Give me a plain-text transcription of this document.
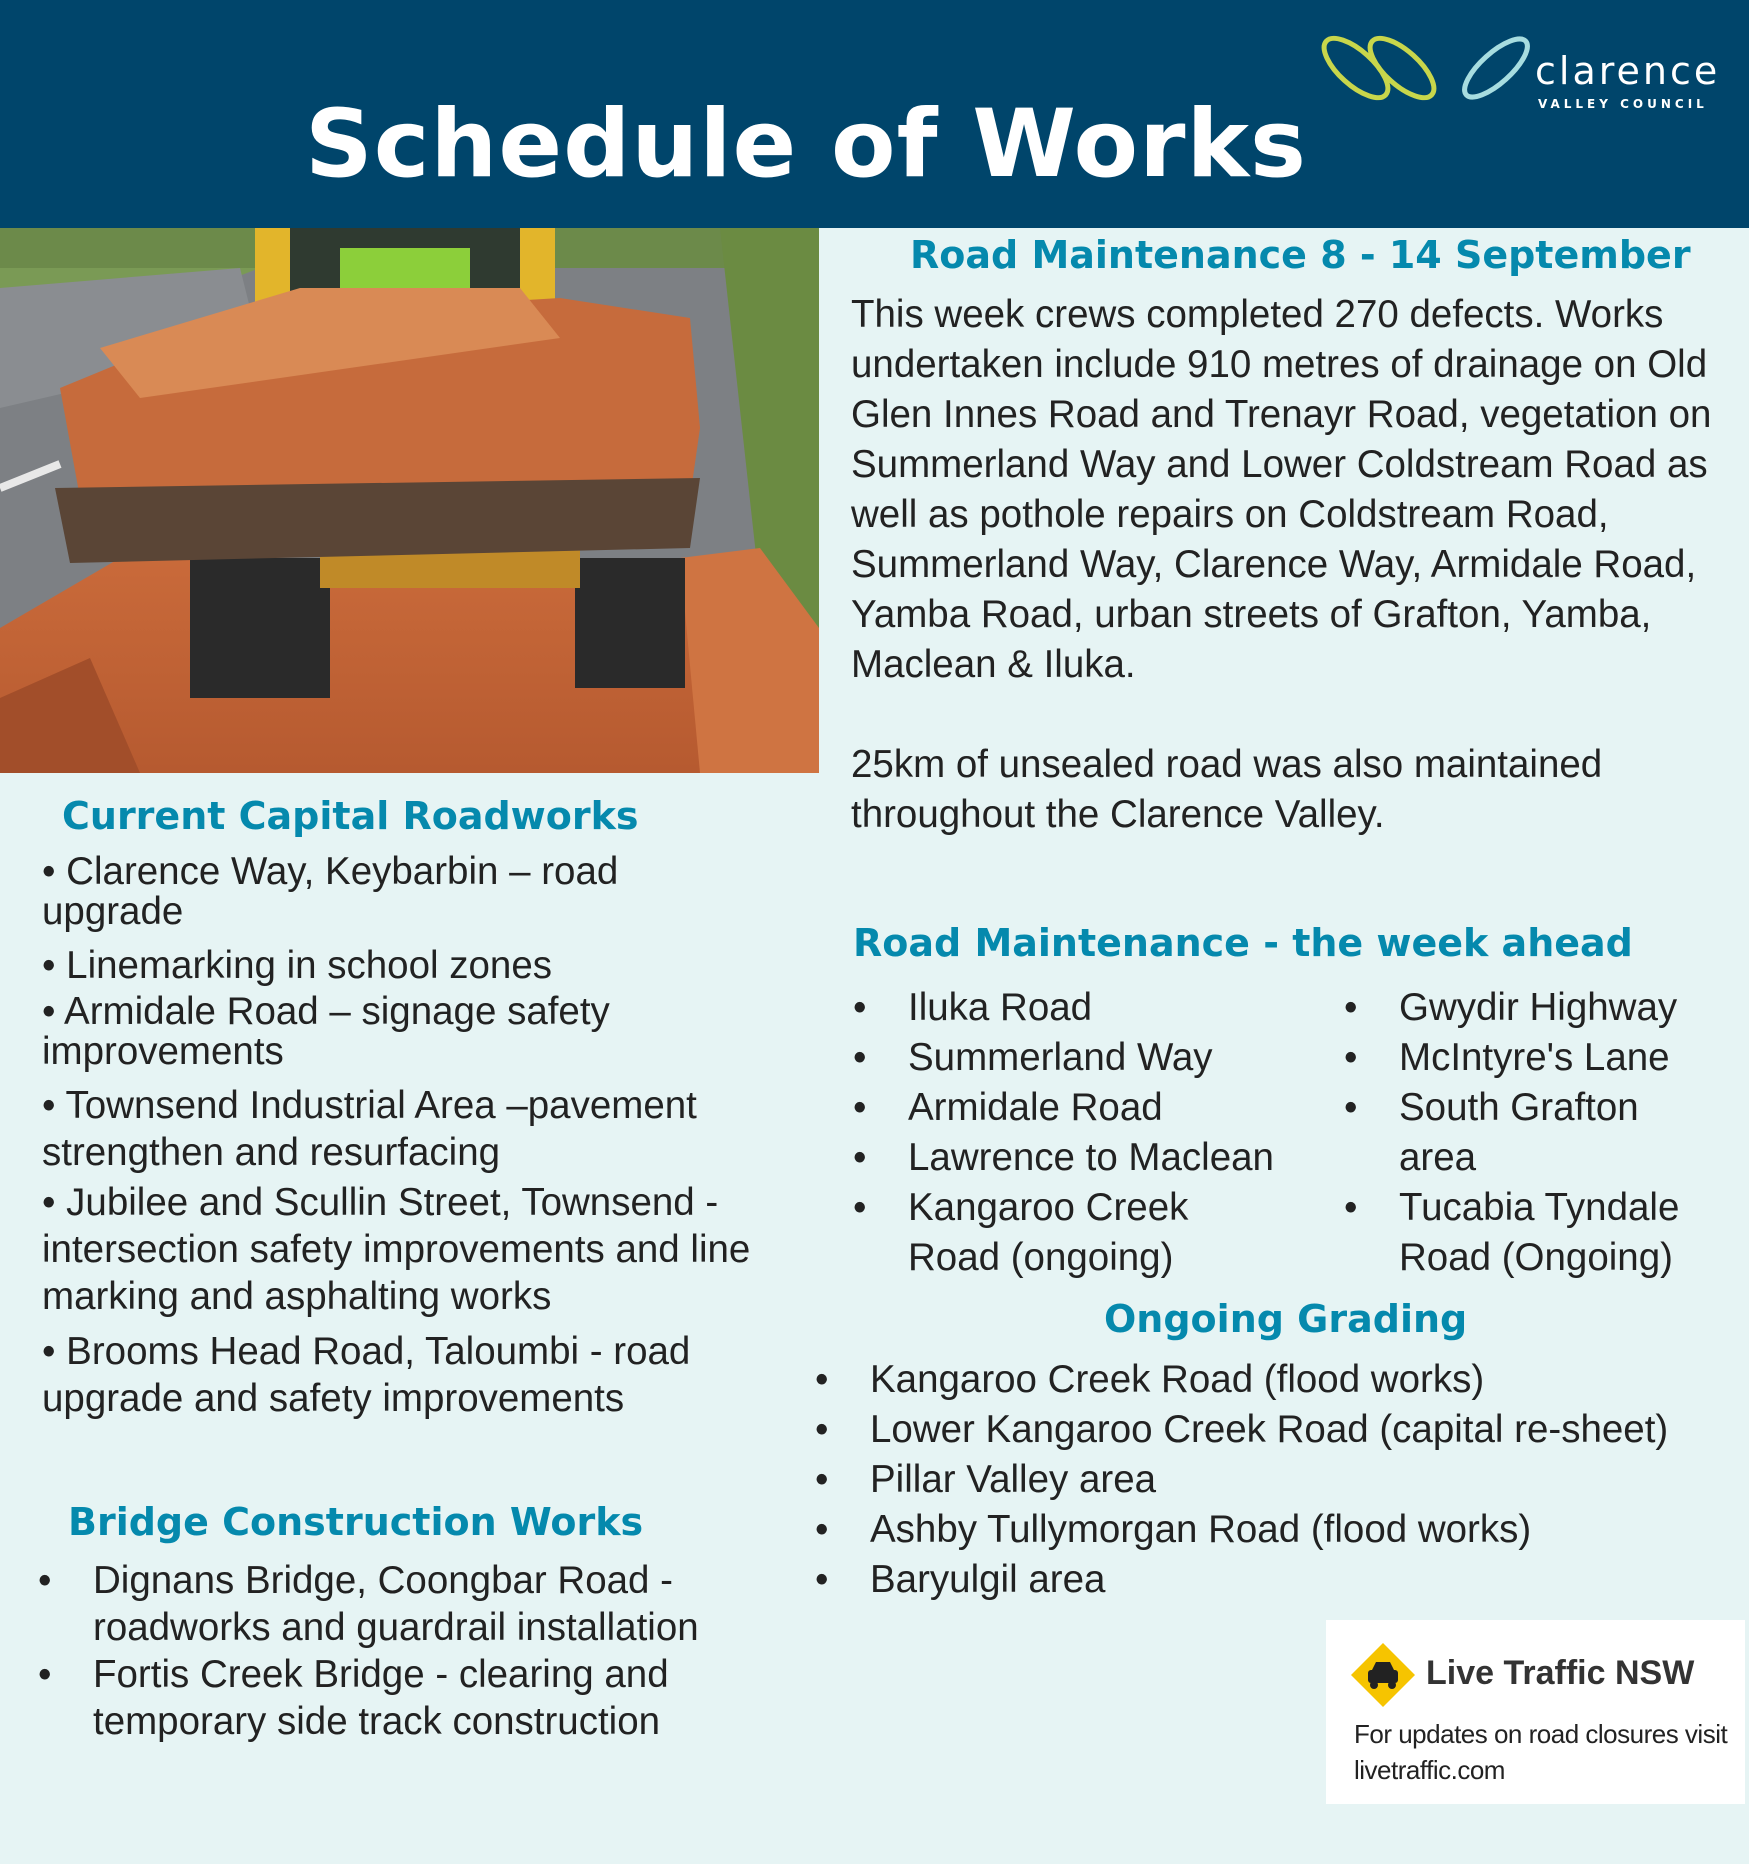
Schedule of Works
clarence
VALLEY COUNCIL
Road Maintenance 8 - 14 September

This week crews completed 270 defects. Works undertaken include 910 metres of drainage on Old Glen Innes Road and Trenayr Road, vegetation on Summerland Way and Lower Coldstream Road as well as pothole repairs on Coldstream Road, Summerland Way, Clarence Way, Armidale Road, Yamba Road, urban streets of Grafton, Yamba, Maclean & Iluka.

25km of unsealed road was also maintained throughout the Clarence Valley.

Road Maintenance - the week ahead
• Iluka Road
• Summerland Way
• Armidale Road
• Lawrence to Maclean
• Kangaroo Creek Road (ongoing)
• Gwydir Highway
• McIntyre's Lane
• South Grafton area
• Tucabia Tyndale Road (Ongoing)
Ongoing Grading
• Kangaroo Creek Road (flood works)
• Lower Kangaroo Creek Road (capital re-sheet)
• Pillar Valley area
• Ashby Tullymorgan Road (flood works)
• Baryulgil area
Current Capital Roadworks
• Clarence Way, Keybarbin – road upgrade
• Linemarking in school zones
• Armidale Road – signage safety improvements
• Townsend Industrial Area –pavement strengthen and resurfacing
• Jubilee and Scullin Street, Townsend - intersection safety improvements and line marking and asphalting works
• Brooms Head Road, Taloumbi - road upgrade and safety improvements
Bridge Construction Works
• Dignans Bridge, Coongbar Road - roadworks and guardrail installation
• Fortis Creek Bridge - clearing and temporary side track construction
Live Traffic NSW
For updates on road closures visit livetraffic.com
